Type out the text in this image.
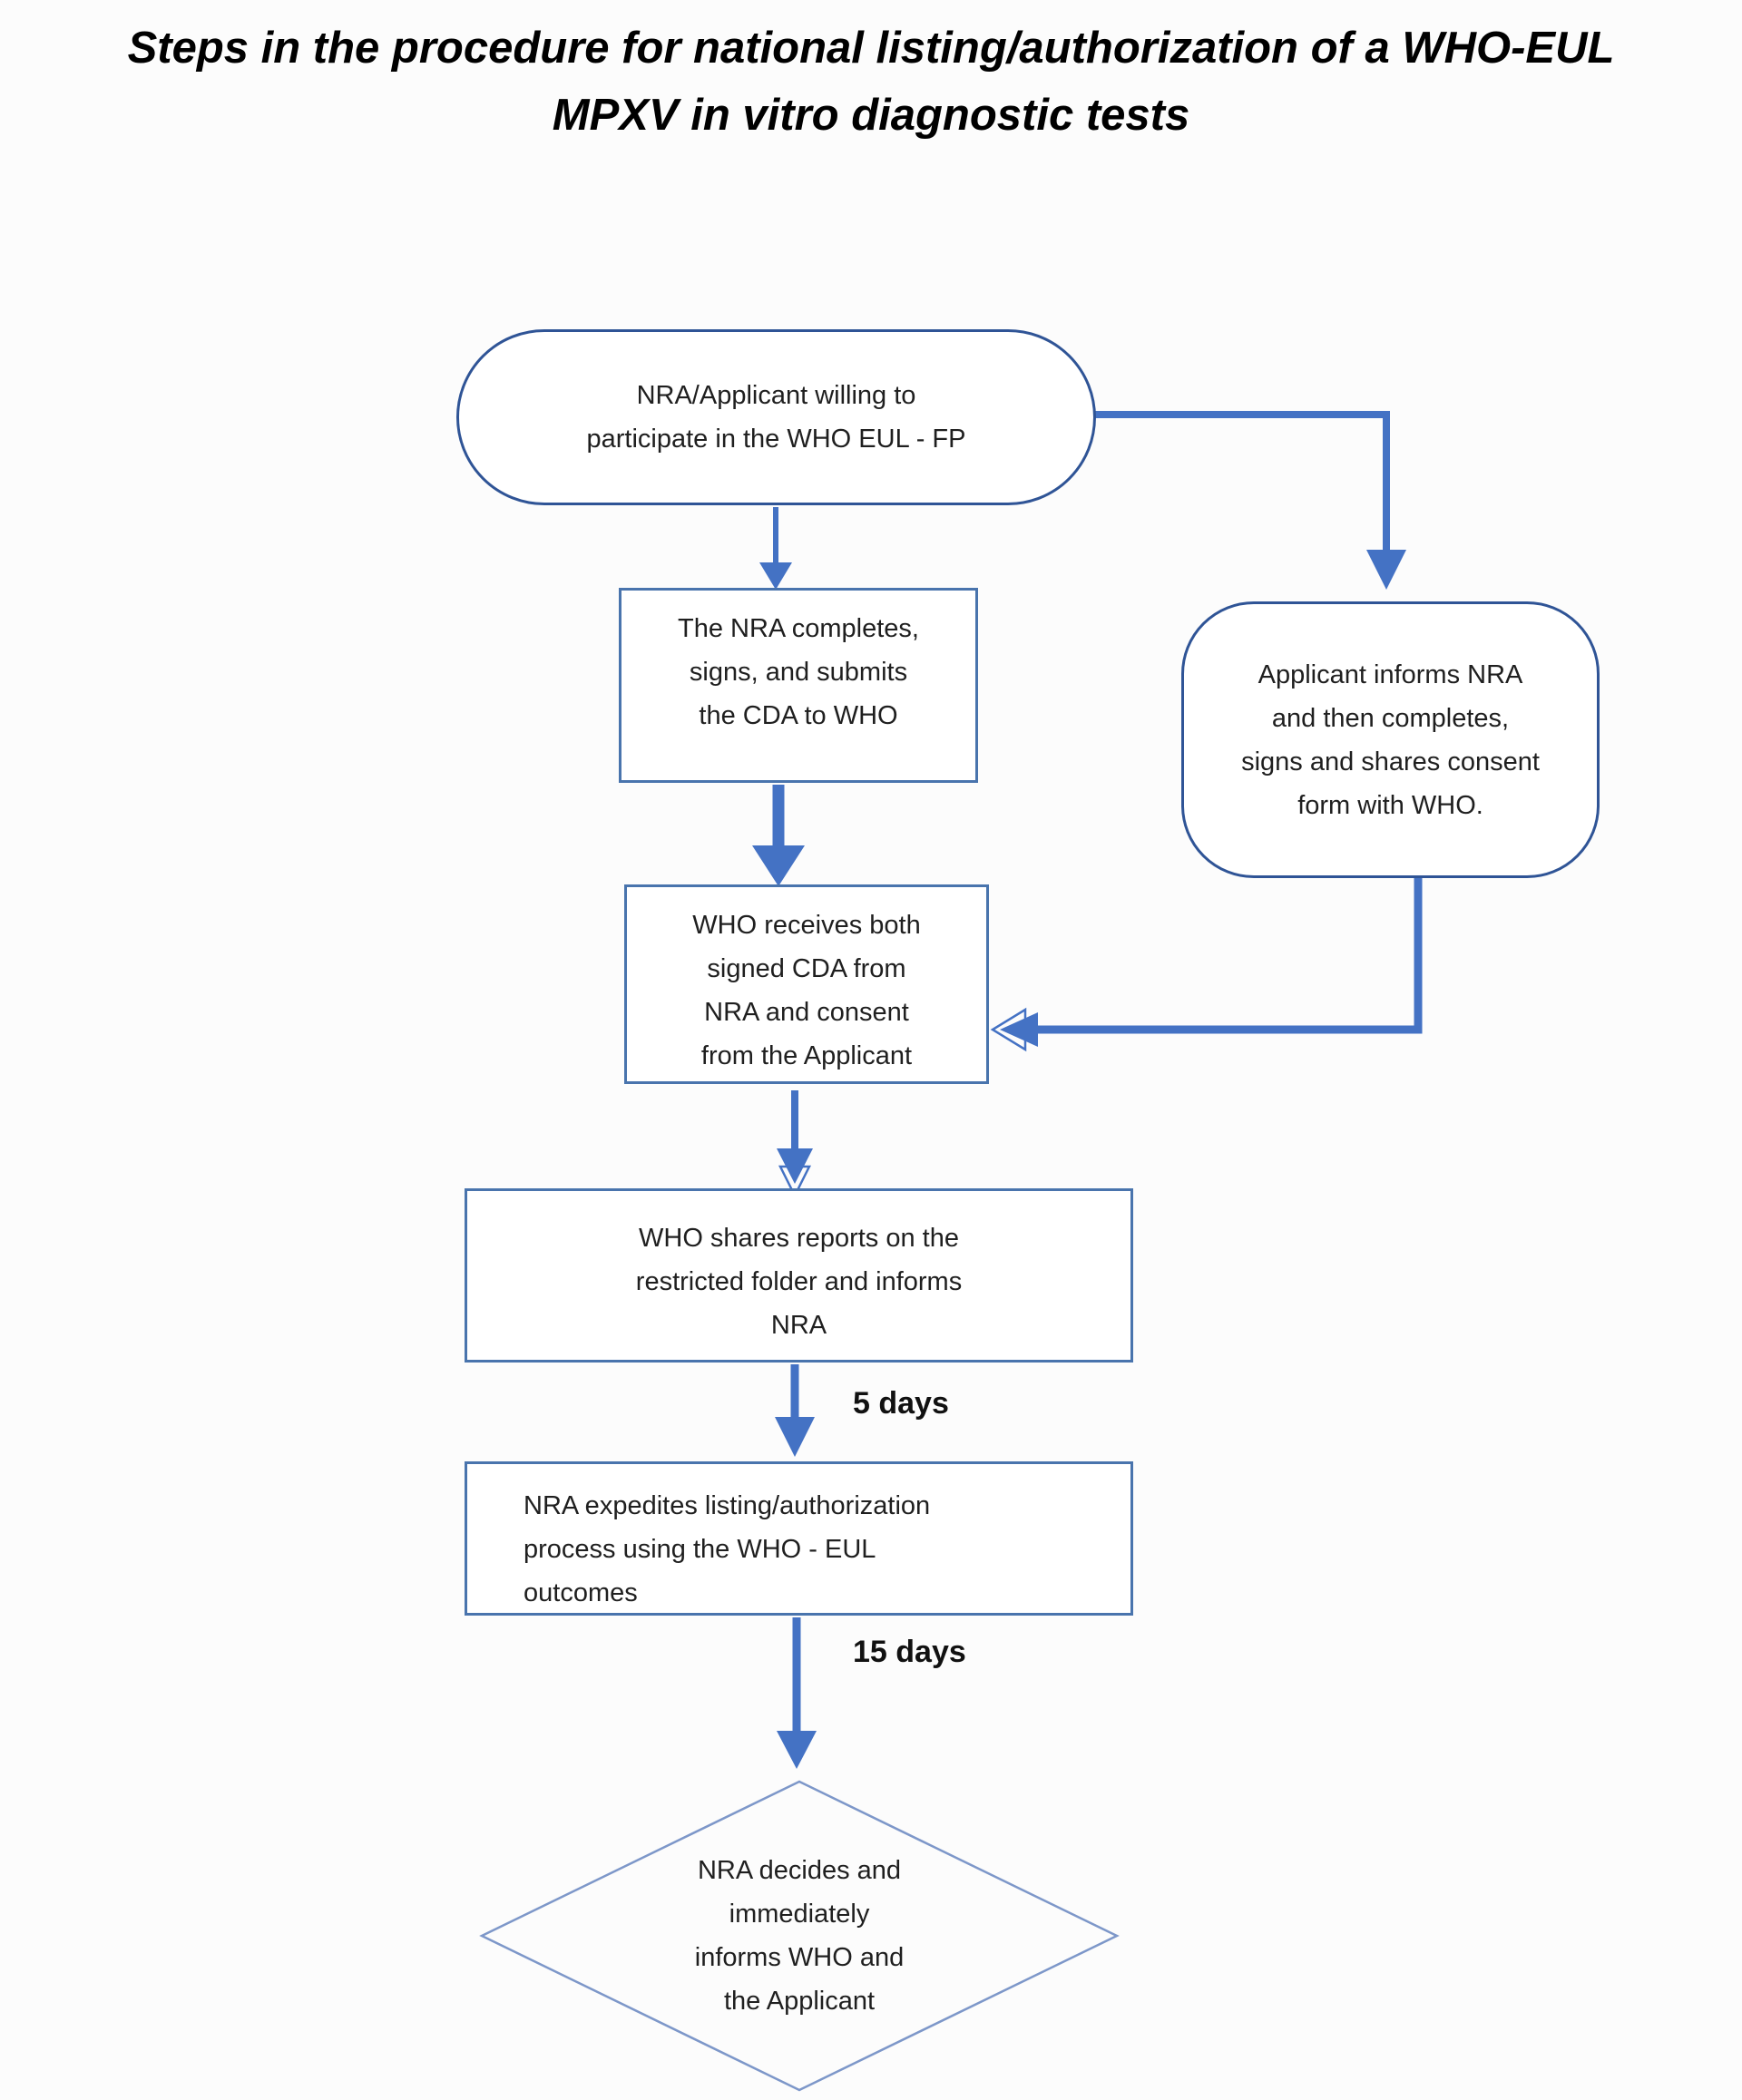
Steps in the procedure for national listing/authorization of a WHO-EUL
MPXV in vitro diagnostic tests
NRA/Applicant willing to
participate in the WHO EUL - FP
The NRA completes,
signs, and submits
the CDA to WHO
Applicant informs NRA
and then completes,
signs and shares consent
form with WHO.
WHO receives both
signed CDA from
NRA and consent
from the Applicant
WHO shares reports on the
restricted folder and informs
NRA
5 days
NRA expedites listing/authorization
process using the WHO - EUL
outcomes
15 days
NRA decides and
immediately
informs WHO and
the Applicant
